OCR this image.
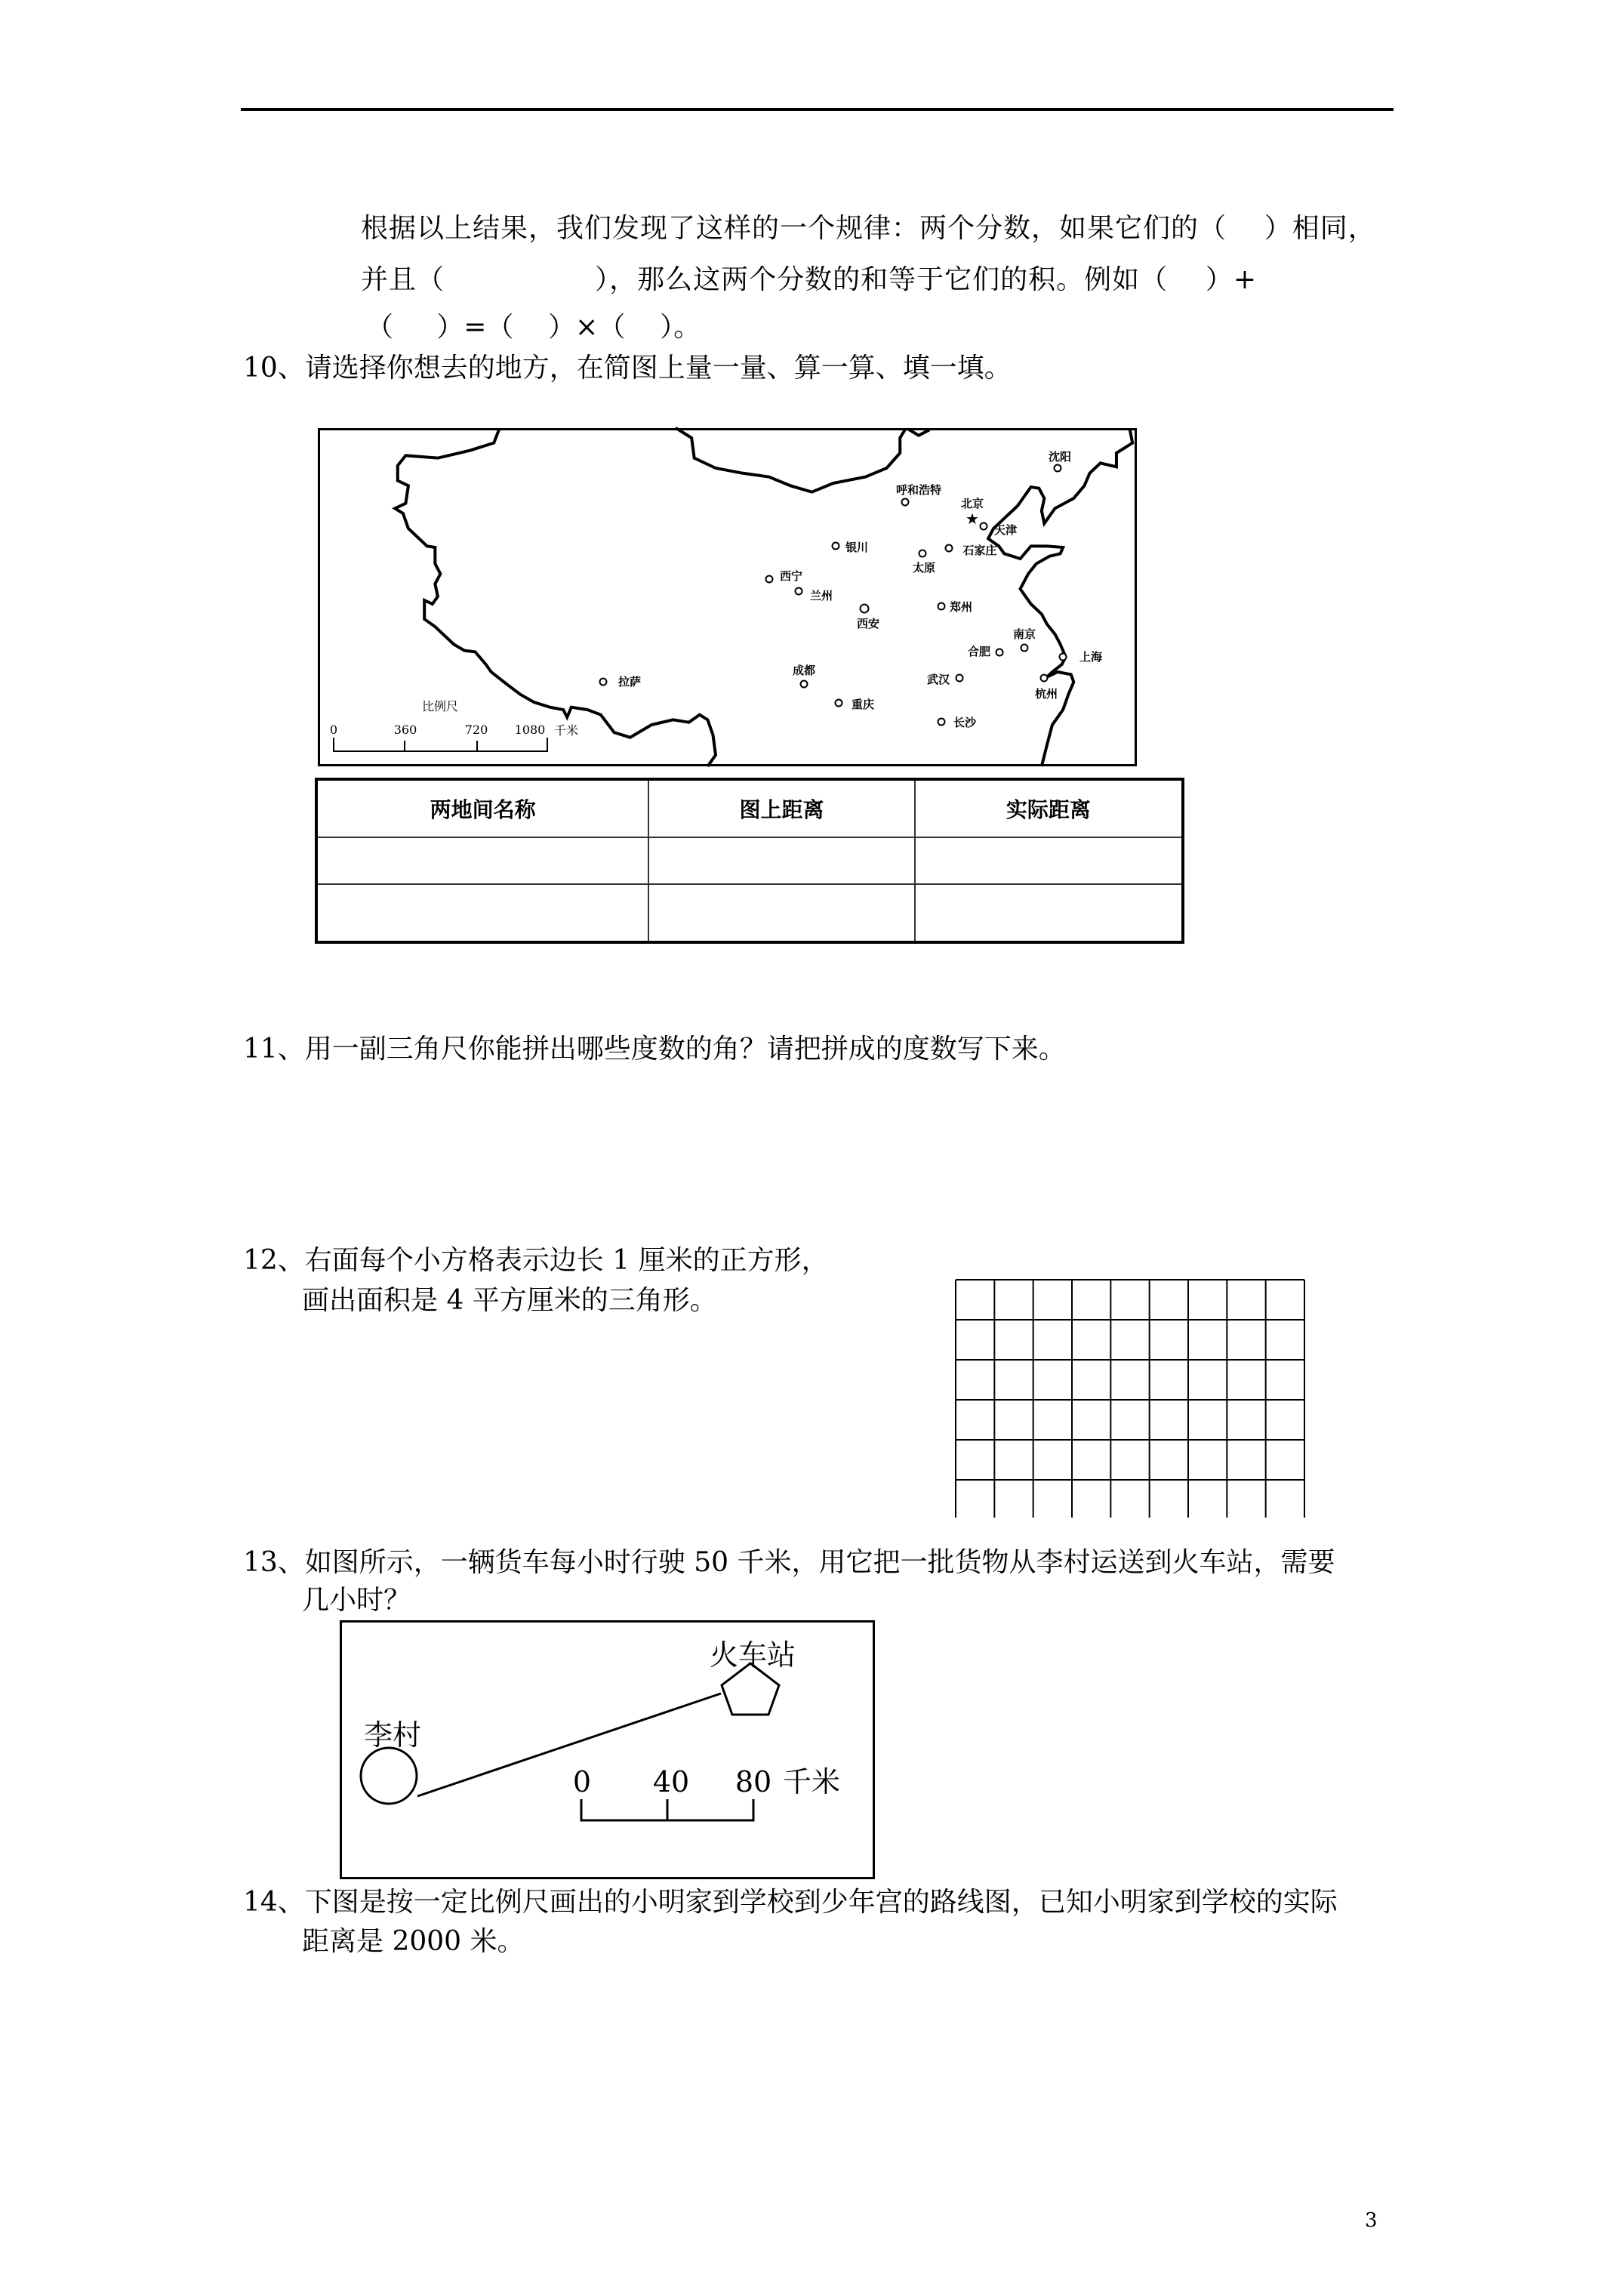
根据以上结果，我们发现了这样的一个规律：两个分数，如果它们的（    ）相同，
并且（                ），那么这两个分数的和等于它们的积。例如（    ）+
（     ）=（    ）×（    ）。
10、请选择你想去的地方，在简图上量一量、算一算、填一填。
比例尺
0	360	720 1080 千米
沈阳
呼和浩特
★
北京
天津
银川	石家庄
太原
西宁
兰州
西安
郑州
南京
合肥	上海
成都
武汉
杭州
拉萨
重庆
长沙
两地间名称	图上距离	实际距离

11、用一副三角尺你能拼出哪些度数的角？请把拼成的度数写下来。
12、右面每个小方格表示边长 1 厘米的正方形，
画出面积是 4 平方厘米的三角形。
13、如图所示，一辆货车每小时行驶 50 千米，用它把一批货物从李村运送到火车站，需要
几小时？
李村
火车站
0 40 80 千米
14、下图是按一定比例尺画出的小明家到学校到少年宫的路线图，已知小明家到学校的实际
距离是 2000 米。
3
